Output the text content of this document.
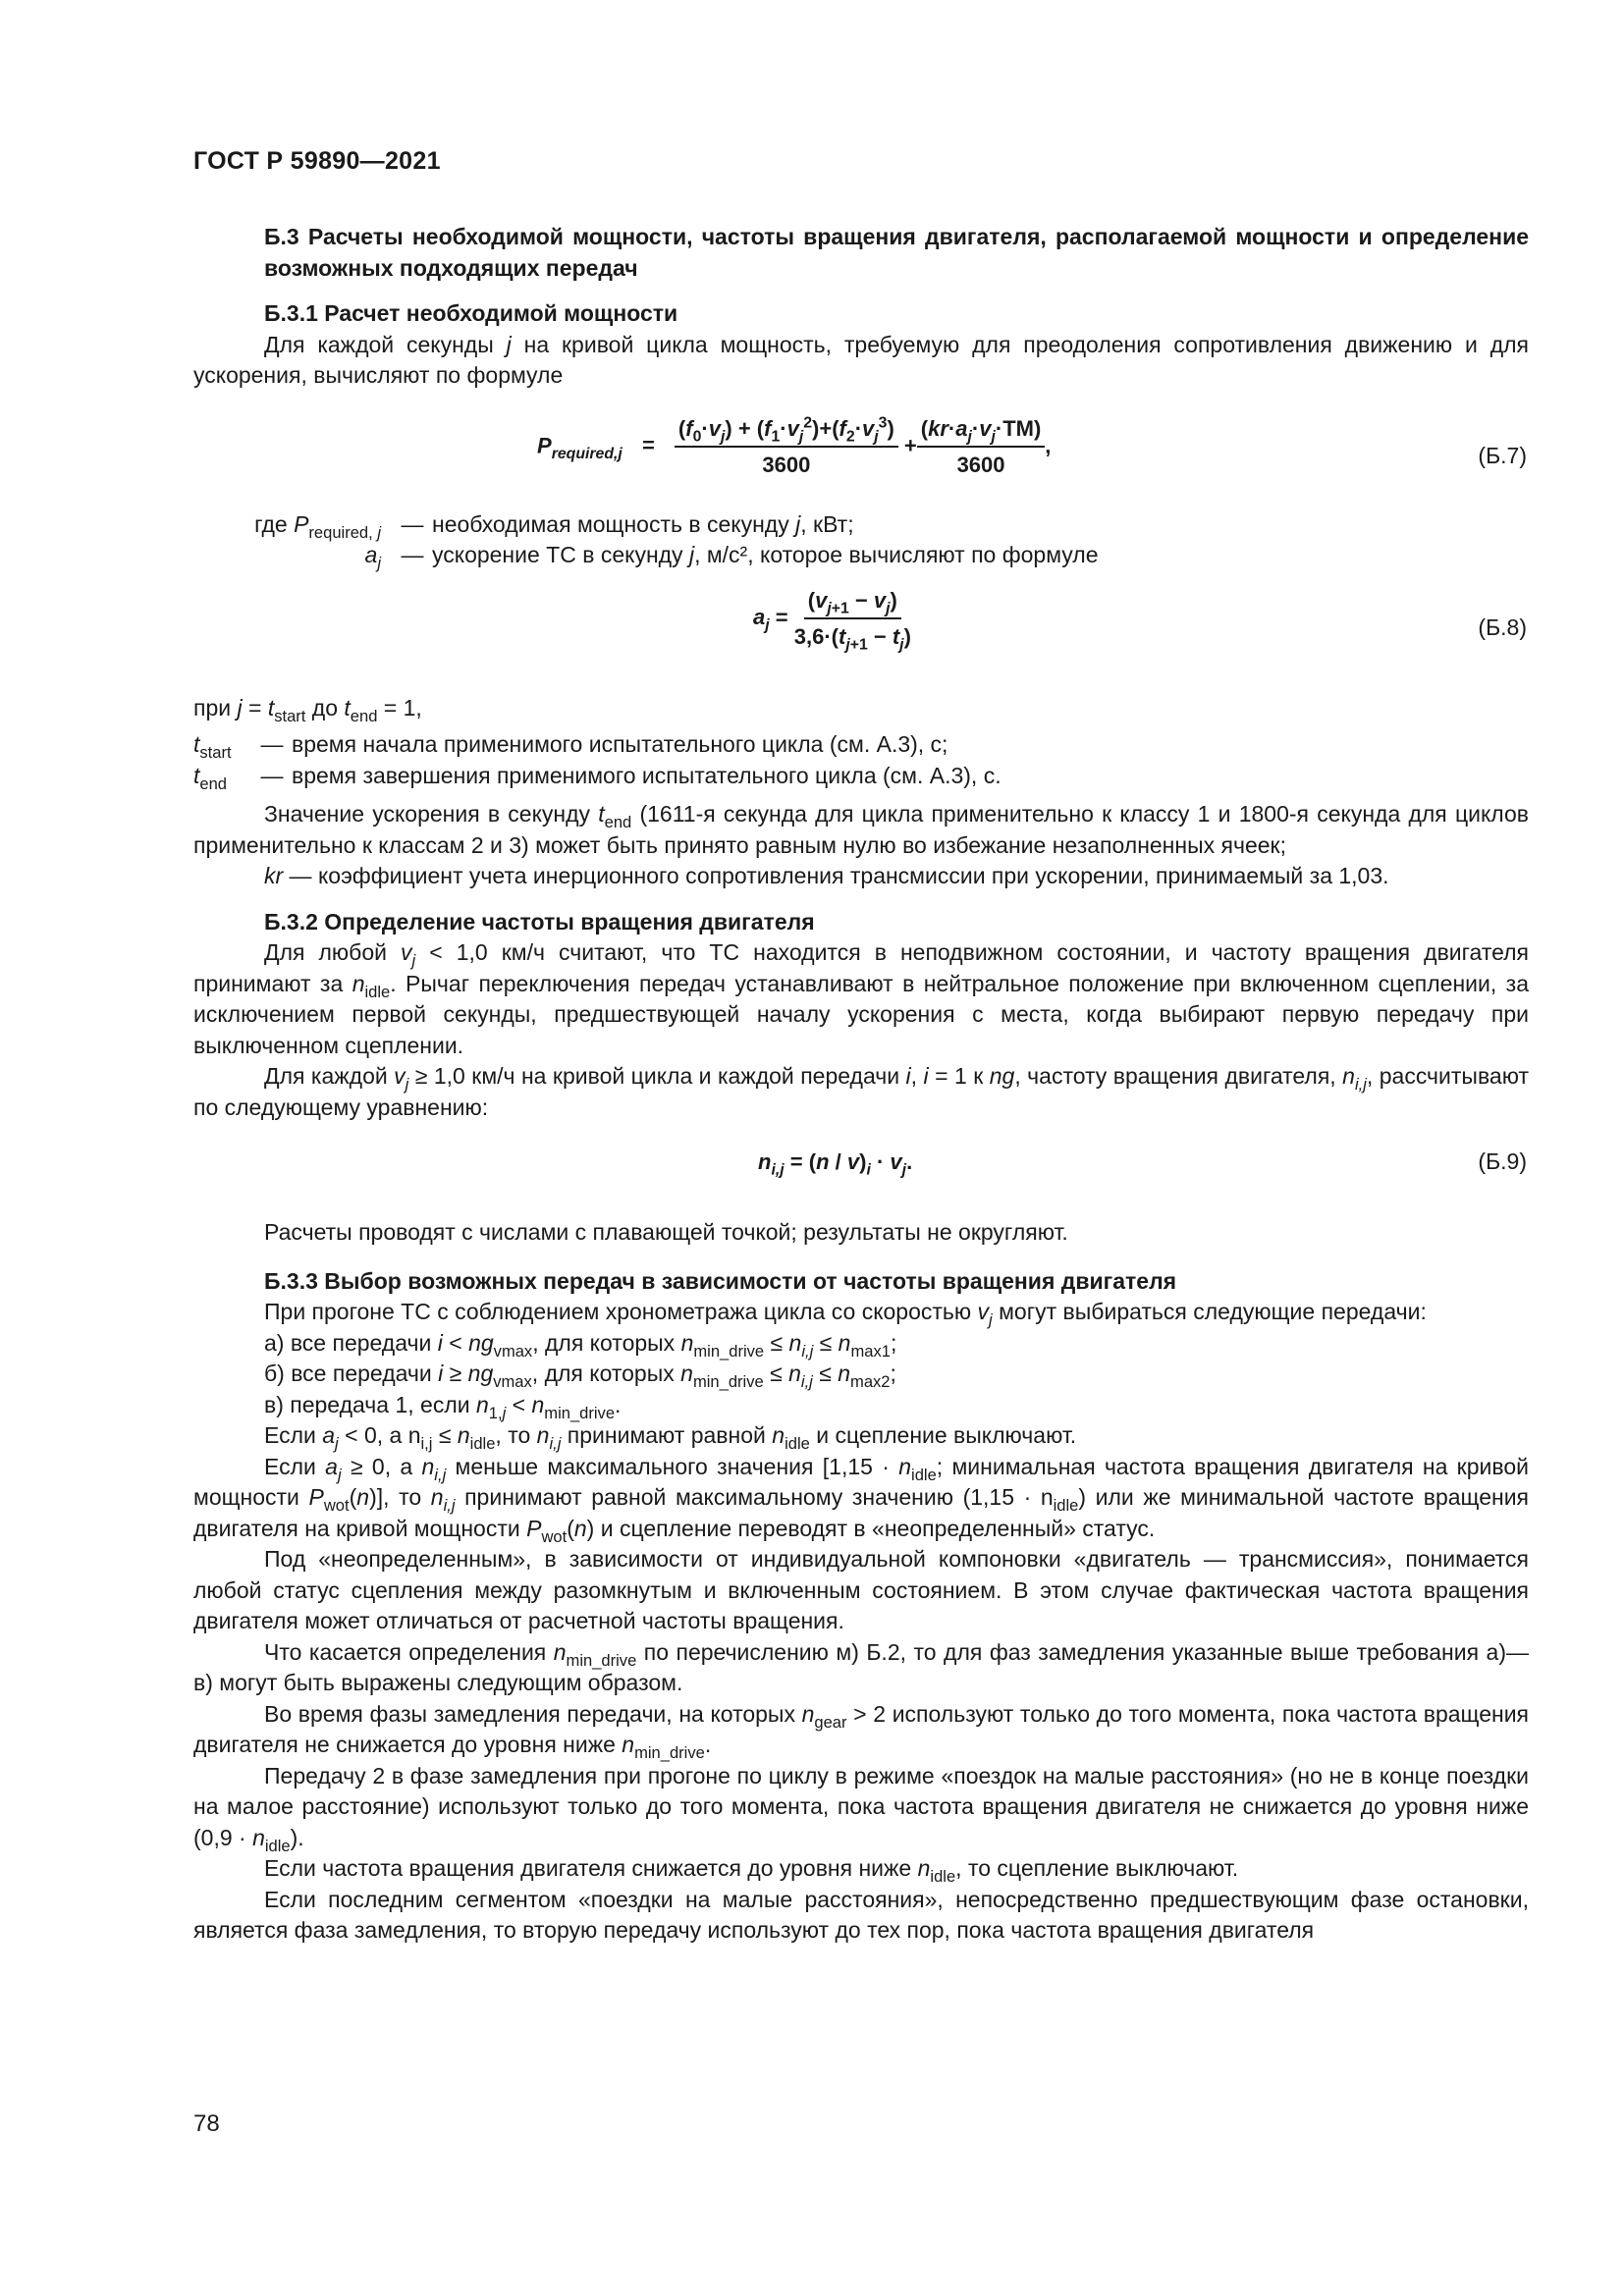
ГОСТ Р 59890—2021

Б.3 Расчеты необходимой мощности, частоты вращения двигателя, располагаемой мощности и определение возможных подходящих передач

Б.3.1 Расчет необходимой мощности

Для каждой секунды j на кривой цикла мощность, требуемую для преодоления сопротивления движению и для ускорения, вычисляют по формуле

$P_{required,j} = \frac{(f_0\cdot v_j) + (f_1\cdot v_j^2)+(f_2\cdot v_j^3)}{3600} + \frac{(kr\cdot a_j\cdot v_j\cdot TM)}{3600}$ ,	(Б.7)
где $P_{required, j}$ — необходимая мощность в секунду j, кВт;
$a_j$ — ускорение ТС в секунду j, м/с², которое вычисляют по формуле
$a_j = \frac{(v_{j+1} - v_j)}{3,6\cdot(t_{j+1} - t_j)}$	(Б.8)

при $j = t_{start}$ до $t_{end} = 1$,

$t_{start}$	— время начала применимого испытательного цикла (см. А.3), с;
$t_{end}$	— время завершения применимого испытательного цикла (см. А.3), с.

Значение ускорения в секунду $t_{end}$ (1611-я секунда для цикла применительно к классу 1 и 1800-я секунда для циклов применительно к классам 2 и 3) может быть принято равным нулю во избежание незаполненных ячеек;

kr — коэффициент учета инерционного сопротивления трансмиссии при ускорении, принимаемый за 1,03.

Б.3.2 Определение частоты вращения двигателя

Для любой $v_j < 1,0$ км/ч считают, что ТС находится в неподвижном состоянии, и частоту вращения двигателя принимают за $n_{idle}$. Рычаг переключения передач устанавливают в нейтральное положение при включенном сцеплении, за исключением первой секунды, предшествующей началу ускорения с места, когда выбирают первую передачу при выключенном сцеплении.

Для каждой $v_j \ge 1,0$ км/ч на кривой цикла и каждой передачи i, i = 1 к ng, частоту вращения двигателя, $n_{i,j}$, рассчитывают по следующему уравнению:

$n_{i,j} = (n / v)_i \cdot v_j$.	(Б.9)

Расчеты проводят с числами с плавающей точкой; результаты не округляют.

Б.3.3 Выбор возможных передач в зависимости от частоты вращения двигателя

При прогоне ТС с соблюдением хронометража цикла со скоростью $v_j$ могут выбираться следующие передачи:

а) все передачи $i < ng_{vmax}$, для которых $n_{min\_drive} \le n_{i,j} \le n_{max1}$;

б) все передачи $i \ge ng_{vmax}$, для которых $n_{min\_drive} \le n_{i,j} \le n_{max2}$;

в) передача 1, если $n_{1,j} < n_{min\_drive}$.

Если $a_j < 0$, а $n_{i,j} \le n_{idle}$, то $n_{i,j}$ принимают равной $n_{idle}$ и сцепление выключают.

Если $a_j \ge 0$, а $n_{i,j}$ меньше максимального значения [$1,15 \cdot n_{idle}$; минимальная частота вращения двигателя на кривой мощности $P_{wot}(n)$], то $n_{i,j}$ принимают равной максимальному значению $(1,15 \cdot n_{idle})$ или же минимальной частоте вращения двигателя на кривой мощности $P_{wot}(n)$ и сцепление переводят в «неопределенный» статус.

Под «неопределенным», в зависимости от индивидуальной компоновки «двигатель — трансмиссия», понимается любой статус сцепления между разомкнутым и включенным состоянием. В этом случае фактическая частота вращения двигателя может отличаться от расчетной частоты вращения.

Что касается определения $n_{min\_drive}$ по перечислению м) Б.2, то для фаз замедления указанные выше требования а)—в) могут быть выражены следующим образом.

Во время фазы замедления передачи, на которых $n_{gear} > 2$ используют только до того момента, пока частота вращения двигателя не снижается до уровня ниже $n_{min\_drive}$.

Передачу 2 в фазе замедления при прогоне по циклу в режиме «поездок на малые расстояния» (но не в конце поездки на малое расстояние) используют только до того момента, пока частота вращения двигателя не снижается до уровня ниже $(0,9 \cdot n_{idle})$.

Если частота вращения двигателя снижается до уровня ниже $n_{idle}$, то сцепление выключают.

Если последним сегментом «поездки на малые расстояния», непосредственно предшествующим фазе остановки, является фаза замедления, то вторую передачу используют до тех пор, пока частота вращения двигателя

78
